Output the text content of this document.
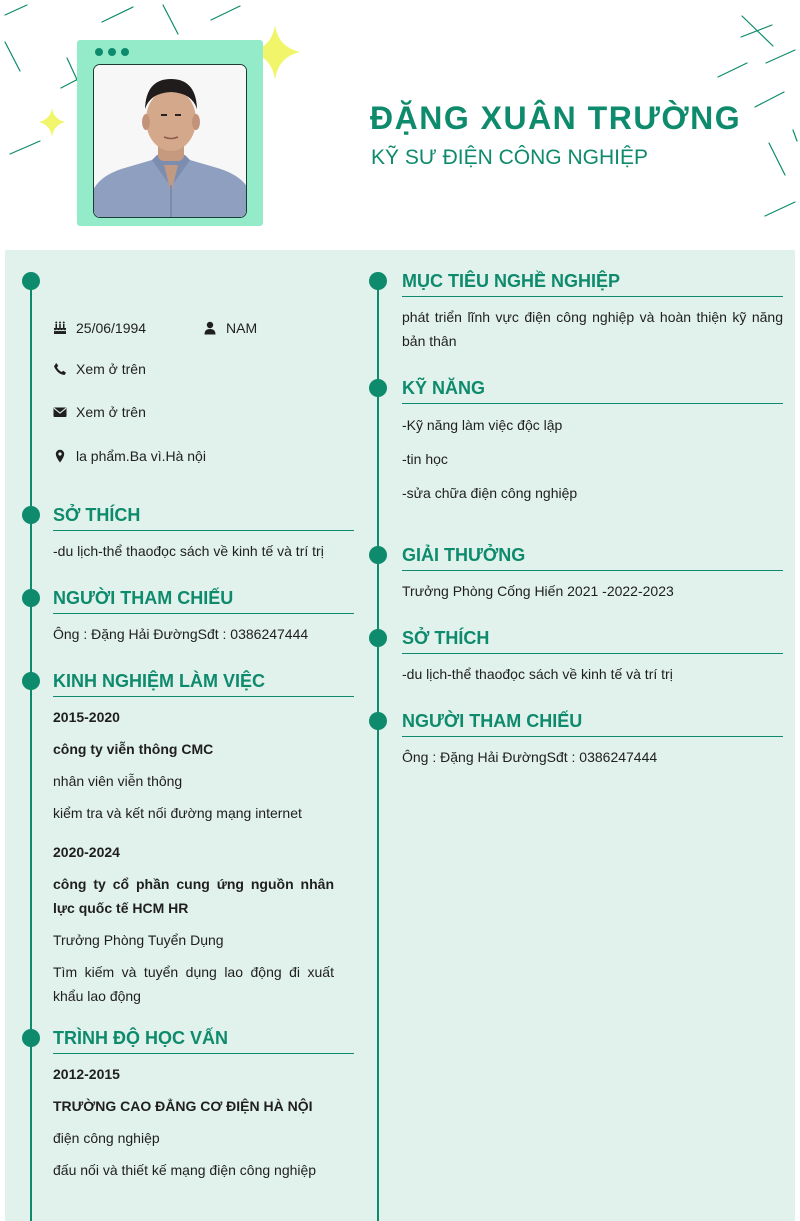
ĐẶNG XUÂN TRƯỜNG
KỸ SƯ ĐIỆN CÔNG NGHIỆP
25/06/1994	NAM
Xem ở trên
Xem ở trên
la phẩm.Ba vì.Hà nội
SỞ THÍCH
-du lịch-thể thaođọc sách về kinh tế và trí trị
NGƯỜI THAM CHIẾU
Ông : Đặng Hải ĐườngSđt : 0386247444
KINH NGHIỆM LÀM VIỆC
2015-2020
công ty viễn thông CMC
nhân viên viễn thông
kiểm tra và kết nối đường mạng internet
2020-2024
công ty cổ phần cung ứng nguồn nhân lực quốc tế HCM HR
Trưởng Phòng Tuyển Dụng
Tìm kiếm và tuyển dụng lao động đi xuất khẩu lao động
TRÌNH ĐỘ HỌC VẤN
2012-2015
TRƯỜNG CAO ĐẲNG CƠ ĐIỆN HÀ NỘI
điện công nghiệp
đấu nối và thiết kế mạng điện công nghiệp
MỤC TIÊU NGHỀ NGHIỆP
phát triển lĩnh vực điện công nghiệp và hoàn thiện kỹ năng bản thân
KỸ NĂNG
-Kỹ năng làm việc độc lập
-tin học
-sửa chữa điện công nghiệp
GIẢI THƯỞNG
Trưởng Phòng Cống Hiến 2021 -2022-2023
SỞ THÍCH
-du lịch-thể thaođọc sách về kinh tế và trí trị
NGƯỜI THAM CHIẾU
Ông : Đặng Hải ĐườngSđt : 0386247444
